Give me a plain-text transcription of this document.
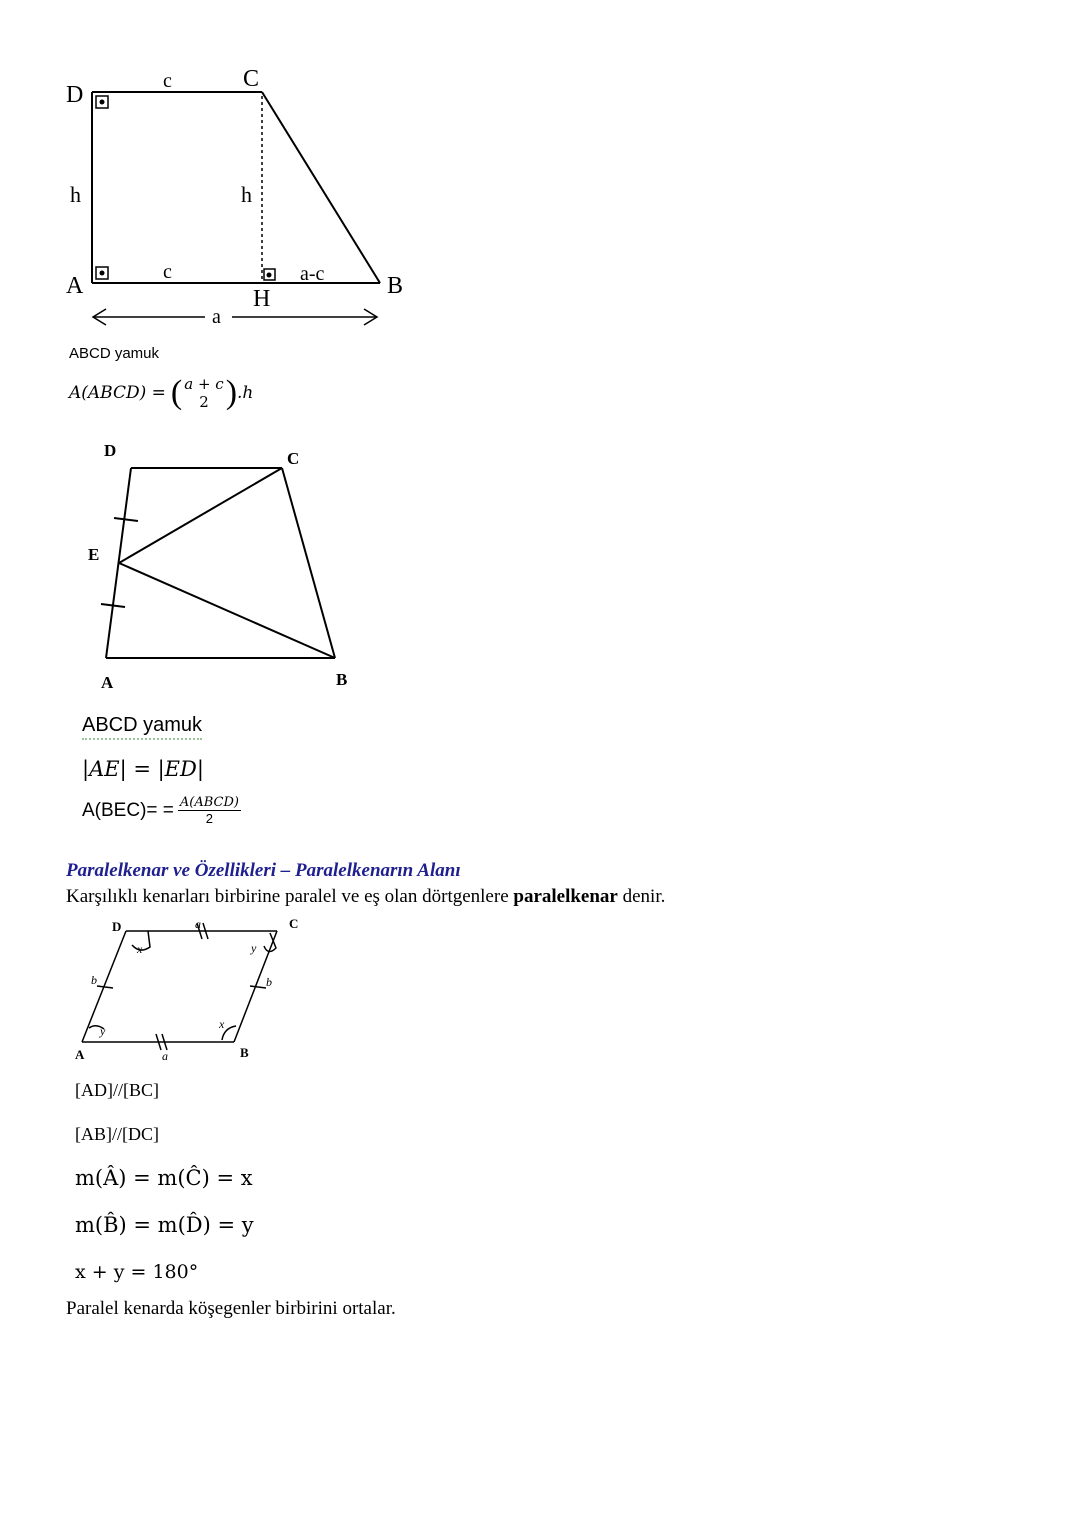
D
C
A	B
H
c
c
h	h
a-c
a
ABCD yamuk
A(ABCD) = ( a + c
2 ) .h
D	C
E
A	B
ABCD yamuk
|AE| = |ED|
$A(BEC)= = \frac{\text{A(ABCD)}}{2}$
Paralelkenar ve Özellikleri – Paralelkenarın Alanı
Karşılıklı kenarları birbirine paralel ve eş olan dörtgenlere paralelkenar denir.
a
a
b	b
x	y
y	x
D	C
A	B
[AD]//[BC]
[AB]//[DC]
m(Â) = m(Ĉ) = x
m(B̂) = m(D̂) = y
x + y = 180°
Paralel kenarda köşegenler birbirini ortalar.
